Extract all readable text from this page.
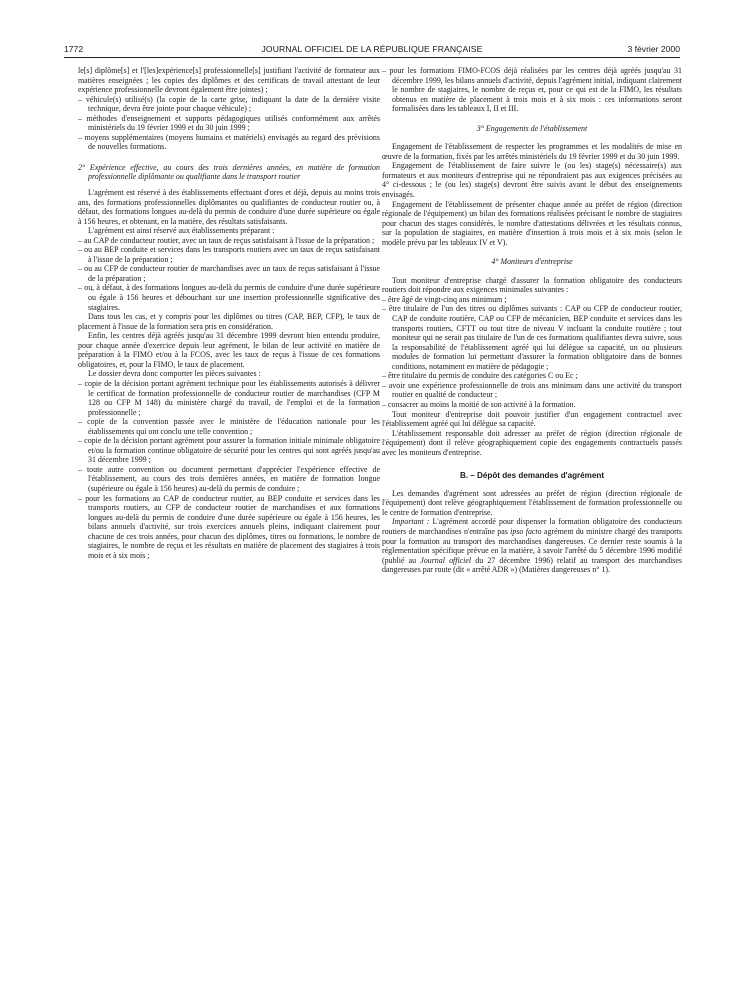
1772	JOURNAL OFFICIEL DE LA RÉPUBLIQUE FRANÇAISE	3 février 2000

le[s] diplôme[s] et l'[les]expérience[s] professionnelle[s] justifiant l'activité de formateur aux matières enseignées ; les copies des diplômes et des certificats de travail attestant de leur expérience professionnelle devront également être jointes) ;

– véhicule(s) utilisé(s) (la copie de la carte grise, indiquant la date de la dernière visite technique, devra être jointe pour chaque véhicule) ;

– méthodes d'enseignement et supports pédagogiques utilisés conformément aux arrêtés ministériels du 19 février 1999 et du 30 juin 1999 ;

– moyens supplémentaires (moyens humains et matériels) envisagés au regard des prévisions de nouvelles formations.

2° Expérience effective, au cours des trois dernières années, en matière de formation professionnelle diplômante ou qualifiante dans le transport routier

L'agrément est réservé à des établissements effectuant d'ores et déjà, depuis au moins trois ans, des formations professionnelles diplômantes ou qualifiantes de conducteur routier ou, à défaut, des formations longues au-delà du permis de conduire d'une durée supérieure ou égale à 156 heures, et obtenant, en la matière, des résultats satisfaisants.

L'agrément est ainsi réservé aux établissements préparant :

– au CAP de conducteur routier, avec un taux de reçus satisfaisant à l'issue de la préparation ;

– ou au BEP conduite et services dans les transports routiers avec un taux de reçus satisfaisant à l'issue de la préparation ;

– ou au CFP de conducteur routier de marchandises avec un taux de reçus satisfaisant à l'issue de la préparation ;

– ou, à défaut, à des formations longues au-delà du permis de conduire d'une durée supérieure ou égale à 156 heures et débouchant sur une insertion professionnelle significative des stagiaires.

Dans tous les cas, et y compris pour les diplômes ou titres (CAP, BEP, CFP), le taux de placement à l'issue de la formation sera pris en considération.

Enfin, les centres déjà agréés jusqu'au 31 décembre 1999 devront bien entendu produire, pour chaque année d'exercice depuis leur agrément, le bilan de leur activité en matière de préparation à la FIMO et/ou à la FCOS, avec les taux de reçus à l'issue de ces formations obligatoires, et, pour la FIMO, le taux de placement.

Le dossier devra donc comporter les pièces suivantes :

– copie de la décision portant agrément technique pour les établissements autorisés à délivrer le certificat de formation professionnelle de conducteur routier de marchandises (CFP M 128 ou CFP M 148) du ministère chargé du travail, de l'emploi et de la formation professionnelle ;

– copie de la convention passée avec le ministère de l'éducation nationale pour les établissements qui ont conclu une telle convention ;

– copie de la décision portant agrément pour assurer la formation initiale minimale obligatoire et/ou la formation continue obligatoire de sécurité pour les centres qui sont agréés jusqu'au 31 décembre 1999 ;

– toute autre convention ou document permettant d'apprécier l'expérience effective de l'établissement, au cours des trois dernières années, en matière de formation longue (supérieure ou égale à 156 heures) au-delà du permis de conduire ;

– pour les formations au CAP de conducteur routier, au BEP conduite et services dans les transports routiers, au CFP de conducteur routier de marchandises et aux formations longues au-delà du permis de conduire d'une durée supérieure ou égale à 156 heures, les bilans annuels d'activité, sur trois exercices annuels pleins, indiquant clairement pour chacune de ces trois années, pour chacun des diplômes, titres ou formations, le nombre de stagiaires, le nombre de reçus et les résultats en matière de placement des stagiaires à trois mois et à six mois ;

– pour les formations FIMO-FCOS déjà réalisées par les centres déjà agréés jusqu'au 31 décembre 1999, les bilans annuels d'activité, depuis l'agrément initial, indiquant clairement le nombre de stagiaires, le nombre de reçus et, pour ce qui est de la FIMO, les résultats obtenus en matière de placement à trois mois et à six mois : ces informations seront formalisées dans les tableaux I, II et III.

3° Engagements de l'établissement

Engagement de l'établissement de respecter les programmes et les modalités de mise en œuvre de la formation, fixés par les arrêtés ministériels du 19 février 1999 et du 30 juin 1999.

Engagement de l'établissement de faire suivre le (ou les) stage(s) nécessaire(s) aux formateurs et aux moniteurs d'entreprise qui ne répondraient pas aux exigences précisées au 4° ci-dessous ; le (ou les) stage(s) devront être suivis avant le début des enseignements envisagés.

Engagement de l'établissement de présenter chaque année au préfet de région (direction régionale de l'équipement) un bilan des formations réalisées précisant le nombre de stagiaires pour chacun des stages considérés, le nombre d'attestations délivrées et les résultats connus, sur la population de stagiaires, en matière d'insertion à trois mois et à six mois (selon le modèle prévu par les tableaux IV et V).

4° Moniteurs d'entreprise

Tout moniteur d'entreprise chargé d'assurer la formation obligatoire des conducteurs routiers doit répondre aux exigences minimales suivantes :

– être âgé de vingt-cinq ans minimum ;

– être titulaire de l'un des titres ou diplômes suivants : CAP ou CFP de conducteur routier, CAP de conduite routière, CAP ou CFP de mécanicien, BEP conduite et services dans les transports routiers, CFTT ou tout titre de niveau V incluant la conduite routière ; tout moniteur qui ne serait pas titulaire de l'un de ces formations qualifiantes devra suivre, sous la responsabilité de l'établissement agréé qui lui délègue sa capacité, un ou plusieurs modules de formation lui permettant d'assurer la formation obligatoire dans de bonnes conditions, notamment en matière de pédagogie ;

– être titulaire du permis de conduire des catégories C ou Ec ;

– avoir une expérience professionnelle de trois ans minimum dans une activité du transport routier en qualité de conducteur ;

– consacrer au moins la moitié de son activité à la formation.

Tout moniteur d'entreprise doit pouvoir justifier d'un engagement contractuel avec l'établissement agréé qui lui délègue sa capacité.

L'établissement responsable doit adresser au préfet de région (direction régionale de l'équipement) dont il relève géographiquement copie des engagements contractuels passés avec les moniteurs d'entreprise.

B. – Dépôt des demandes d'agrément

Les demandes d'agrément sont adressées au préfet de région (direction régionale de l'équipement) dont relève géographiquement l'établissement de formation professionnelle ou le centre de formation d'entreprise.

Important : L'agrément accordé pour dispenser la formation obligatoire des conducteurs routiers de marchandises n'entraîne pas ipso facto agrément du ministre chargé des transports pour la formation au transport des marchandises dangereuses. Ce dernier reste soumis à la réglementation spécifique prévue en la matière, à savoir l'arrêté du 5 décembre 1996 modifié (publié au Journal officiel du 27 décembre 1996) relatif au transport des marchandises dangereuses par route (dit « arrêté ADR ») (Matières dangereuses n° 1).
